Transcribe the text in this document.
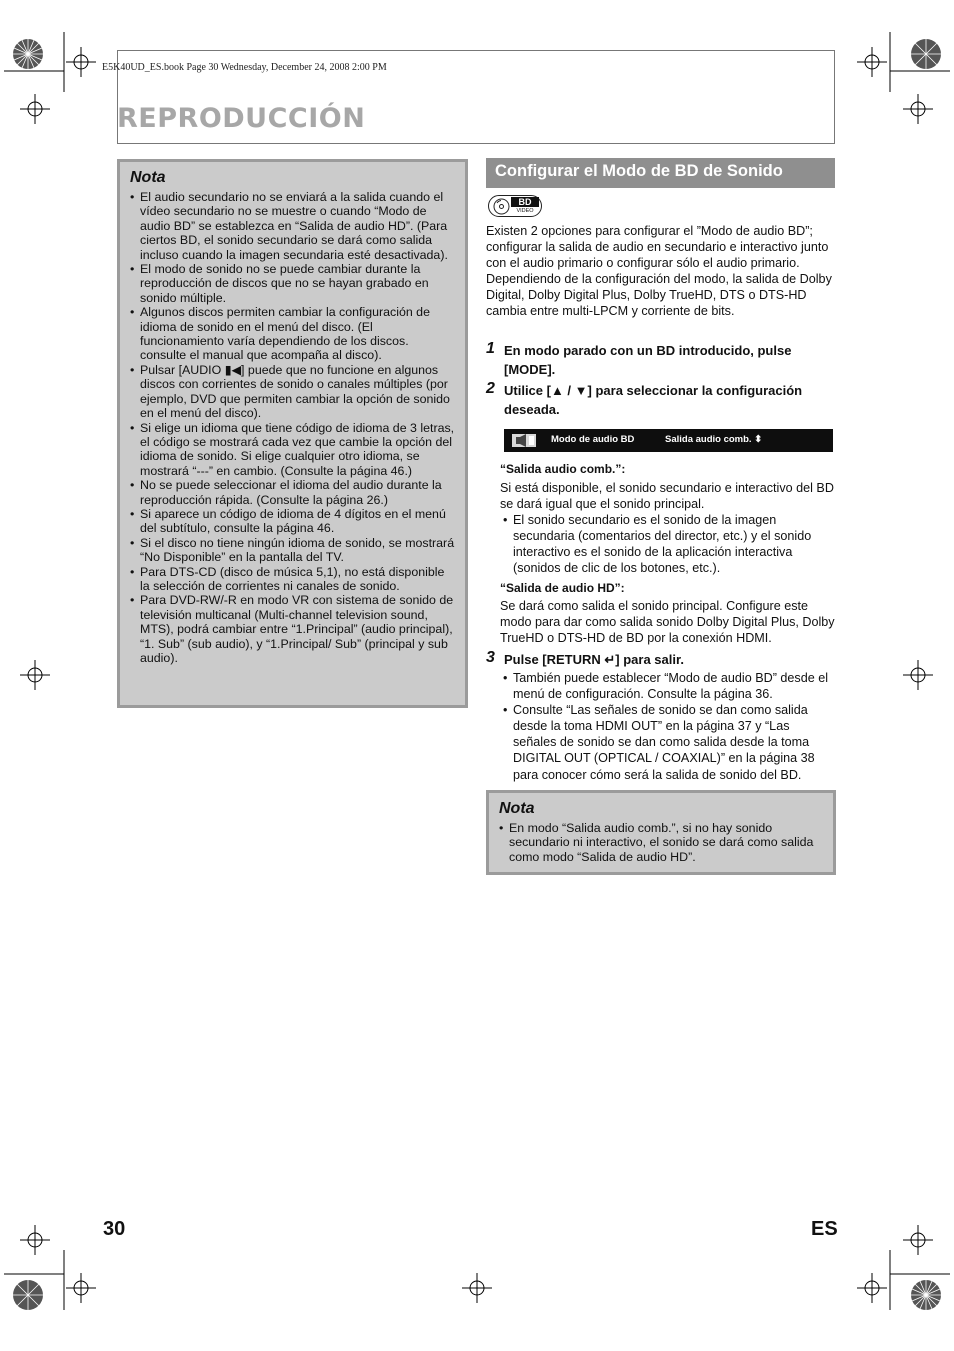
E5K40UD_ES.book Page 30 Wednesday, December 24, 2008 2:00 PM
REPRODUCCIÓN
Nota
• El audio secundario no se enviará a la salida cuando el vídeo secundario no se muestre o cuando “Modo de audio BD” se establezca en “Salida de audio HD”. (Para ciertos BD, el sonido secundario se dará como salida incluso cuando la imagen secundaria esté desactivada).
• El modo de sonido no se puede cambiar durante la reproducción de discos que no se hayan grabado en sonido múltiple.
• Algunos discos permiten cambiar la configuración de idioma de sonido en el menú del disco. (El funcionamiento varía dependiendo de los discos. consulte el manual que acompaña al disco).
• Pulsar [AUDIO ▮◀] puede que no funcione en algunos discos con corrientes de sonido o canales múltiples (por ejemplo, DVD que permiten cambiar la opción de sonido en el menú del disco).
• Si elige un idioma que tiene código de idioma de 3 letras, el código se mostrará cada vez que cambie la opción del idioma de sonido. Si elige cualquier otro idioma, se mostrará “---” en cambio. (Consulte la página 46.)
• No se puede seleccionar el idioma del audio durante la reproducción rápida. (Consulte la página 26.)
• Si aparece un código de idioma de 4 dígitos en el menú del subtítulo, consulte la página 46.
• Si el disco no tiene ningún idioma de sonido, se mostrará “No Disponible” en la pantalla del TV.
• Para DTS-CD (disco de música 5,1), no está disponible la selección de corrientes ni canales de sonido.
• Para DVD-RW/-R en modo VR con sistema de sonido de televisión multicanal (Multi-channel television sound, MTS), podrá cambiar entre “1.Principal” (audio principal), “1. Sub” (sub audio), y “1.Principal/ Sub” (principal y sub audio).
Configurar el Modo de BD de Sonido
BD
VIDEO
Existen 2 opciones para configurar el ”Modo de audio BD”; configurar la salida de audio en secundario e interactivo junto con el audio primario o configurar sólo el audio primario. Dependiendo de la configuración del modo, la salida de Dolby Digital, Dolby Digital Plus, Dolby TrueHD, DTS o DTS-HD cambia entre multi-LPCM y corriente de bits.
1 En modo parado con un BD introducido, pulse [MODE].
2 Utilice [▲ / ▼] para seleccionar la configuración deseada.
Modo de audio BD	Salida audio comb. ⬍
“Salida audio comb.”:
Si está disponible, el sonido secundario e interactivo del BD se dará igual que el sonido principal.
• El sonido secundario es el sonido de la imagen secundaria (comentarios del director, etc.) y el sonido interactivo es el sonido de la aplicación interactiva (sonidos de clic de los botones, etc.).
“Salida de audio HD”:
Se dará como salida el sonido principal. Configure este modo para dar como salida sonido Dolby Digital Plus, Dolby TrueHD o DTS-HD de BD por la conexión HDMI.
3 Pulse [RETURN ↵] para salir.
• También puede establecer “Modo de audio BD” desde el menú de configuración. Consulte la página 36.
• Consulte “Las señales de sonido se dan como salida desde la toma HDMI OUT” en la página 37 y “Las señales de sonido se dan como salida desde la toma DIGITAL OUT (OPTICAL / COAXIAL)” en la página 38 para conocer cómo será la salida de sonido del BD.
Nota
• En modo “Salida audio comb.”, si no hay sonido secundario ni interactivo, el sonido se dará como salida como modo “Salida de audio HD”.
30	ES
